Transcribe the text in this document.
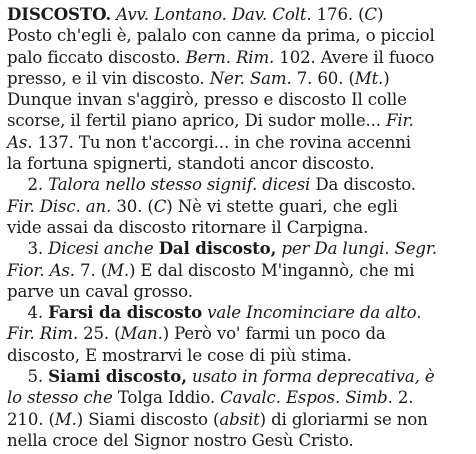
DISCOSTO. Avv. Lontano. Dav. Colt. 176. (C)
Posto ch'egli è, palalo con canne da prima, o picciol
palo ficcato discosto. Bern. Rim. 102. Avere il fuoco
presso, e il vin discosto. Ner. Sam. 7. 60. (Mt.)
Dunque invan s'aggirò, presso e discosto Il colle
scorse, il fertil piano aprico, Di sudor molle... Fir.
As. 137. Tu non t'accorgi... in che rovina accenni
la fortuna spignerti, standoti ancor discosto.
2. Talora nello stesso signif. dicesi Da discosto.
Fir. Disc. an. 30. (C) Nè vi stette guari, che egli
vide assai da discosto ritornare il Carpigna.
3. Dicesi anche Dal discosto, per Da lungi. Segr.
Fior. As. 7. (M.) E dal discosto M'ingannò, che mi
parve un caval grosso.
4. Farsi da discosto vale Incominciare da alto.
Fir. Rim. 25. (Man.) Però vo' farmi un poco da
discosto, E mostrarvi le cose di più stima.
5. Siami discosto, usato in forma deprecativa, è
lo stesso che Tolga Iddio. Cavalc. Espos. Simb. 2.
210. (M.) Siami discosto (absit) di gloriarmi se non
nella croce del Signor nostro Gesù Cristo.
